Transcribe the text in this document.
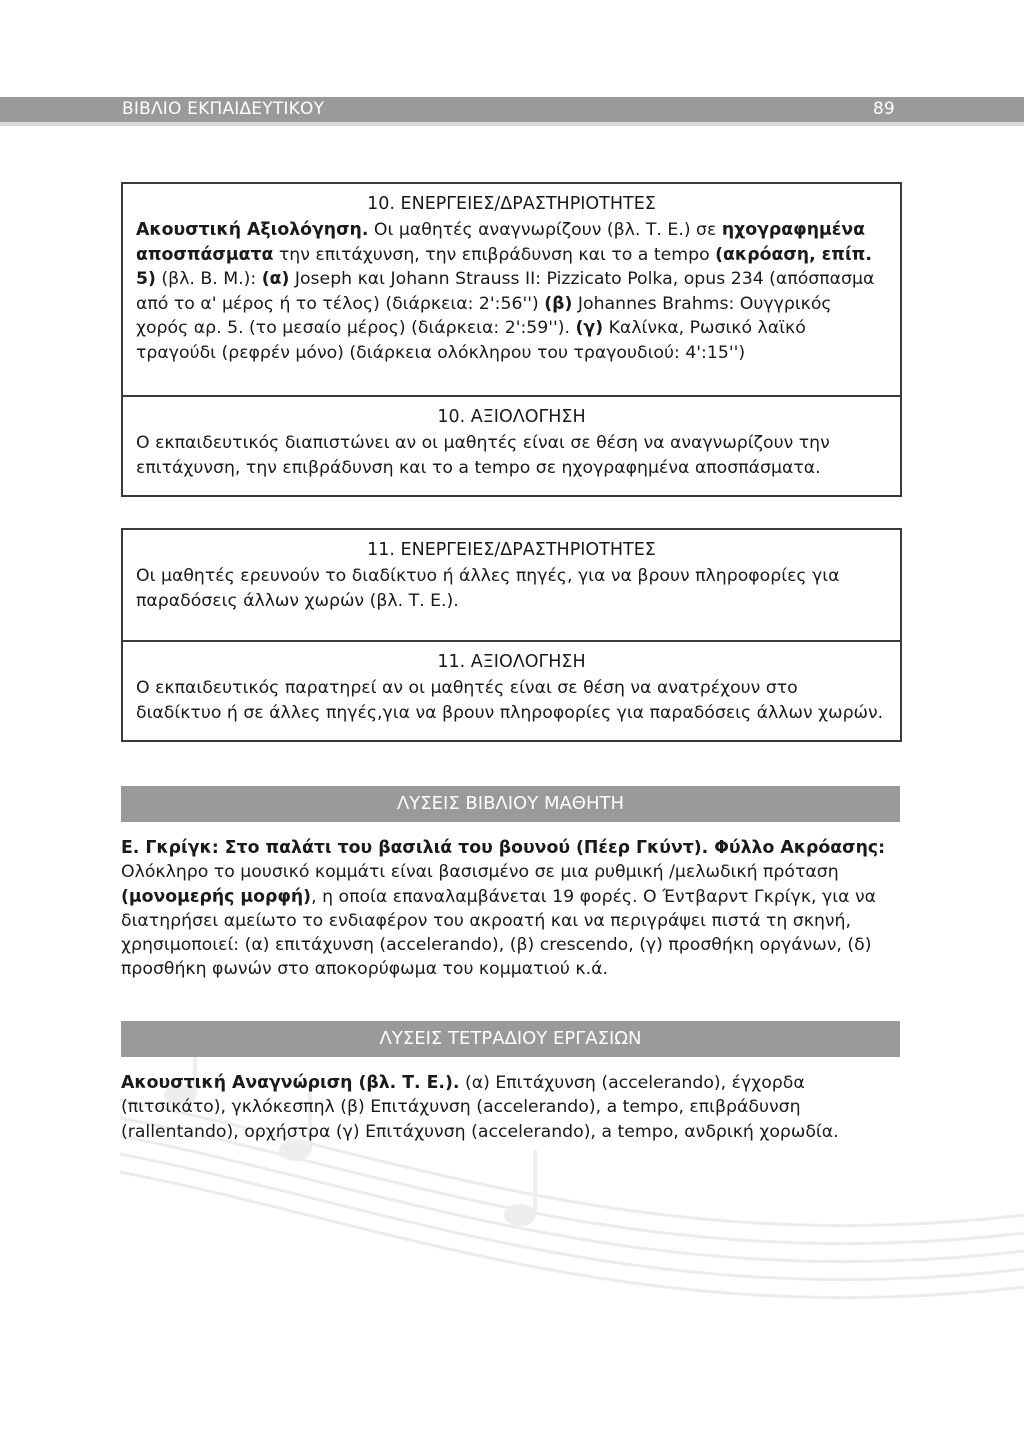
ΒΙΒΛΙΟ ΕΚΠΑΙΔΕΥΤΙΚΟΥ	89
10. ΕΝΕΡΓΕΙΕΣ/ΔΡΑΣΤΗΡΙΟΤΗΤΕΣ
Ακουστική Αξιολόγηση. Οι μαθητές αναγνωρίζουν (βλ. Τ. Ε.) σε ηχογραφημένα αποσπάσματα την επιτάχυνση, την επιβράδυνση και το a tempo (ακρόαση, επίπ. 5) (βλ. Β. Μ.): (α) Joseph και Johann Strauss II: Pizzicato Polka, opus 234 (απόσπασμα από το α' μέρος ή το τέλος) (διάρκεια: 2':56'') (β) Johannes Brahms: Ουγγρικός χορός αρ. 5. (το μεσαίο μέρος) (διάρκεια: 2':59''). (γ) Καλίνκα, Ρωσικό λαϊκό τραγούδι (ρεφρέν μόνο) (διάρκεια ολόκληρου του τραγουδιού: 4':15'')
10. ΑΞΙΟΛΟΓΗΣΗ
Ο εκπαιδευτικός διαπιστώνει αν οι μαθητές είναι σε θέση να αναγνωρίζουν την επιτάχυνση, την επιβράδυνση και το a tempo σε ηχογραφημένα αποσπάσματα.
11. ΕΝΕΡΓΕΙΕΣ/ΔΡΑΣΤΗΡΙΟΤΗΤΕΣ
Οι μαθητές ερευνούν το διαδίκτυο ή άλλες πηγές, για να βρουν πληροφορίες για παραδόσεις άλλων χωρών (βλ. Τ. Ε.).
11. ΑΞΙΟΛΟΓΗΣΗ
Ο εκπαιδευτικός παρατηρεί αν οι μαθητές είναι σε θέση να ανατρέχουν στο διαδίκτυο ή σε άλλες πηγές,για να βρουν πληροφορίες για παραδόσεις άλλων χωρών.
ΛΥΣΕΙΣ ΒΙΒΛΙΟΥ ΜΑΘΗΤΗ
Ε. Γκρίγκ: Στο παλάτι του βασιλιά του βουνού (Πέερ Γκύντ). Φύλλο Ακρόασης: Ολόκληρο το μουσικό κομμάτι είναι βασισμένο σε μια ρυθμική /μελωδική πρόταση (μονομερής μορφή), η οποία επαναλαμβάνεται 19 φορές. Ο Έντβαρντ Γκρίγκ, για να διατηρήσει αμείωτο το ενδιαφέρον του ακροατή και να περιγράψει πιστά τη σκηνή, χρησιμοποιεί: (α) επιτάχυνση (accelerando), (β) crescendo, (γ) προσθήκη οργάνων, (δ) προσθήκη φωνών στο αποκορύφωμα του κομματιού κ.ά.
ΛΥΣΕΙΣ ΤΕΤΡΑΔΙΟΥ ΕΡΓΑΣΙΩΝ
Ακουστική Αναγνώριση (βλ. Τ. Ε.). (α) Επιτάχυνση (accelerando), έγχορδα (πιτσικάτο), γκλόκεσπηλ (β) Επιτάχυνση (accelerando), a tempo, επιβράδυνση (rallentando), ορχήστρα (γ) Επιτάχυνση (accelerando), a tempo, ανδρική χορωδία.
